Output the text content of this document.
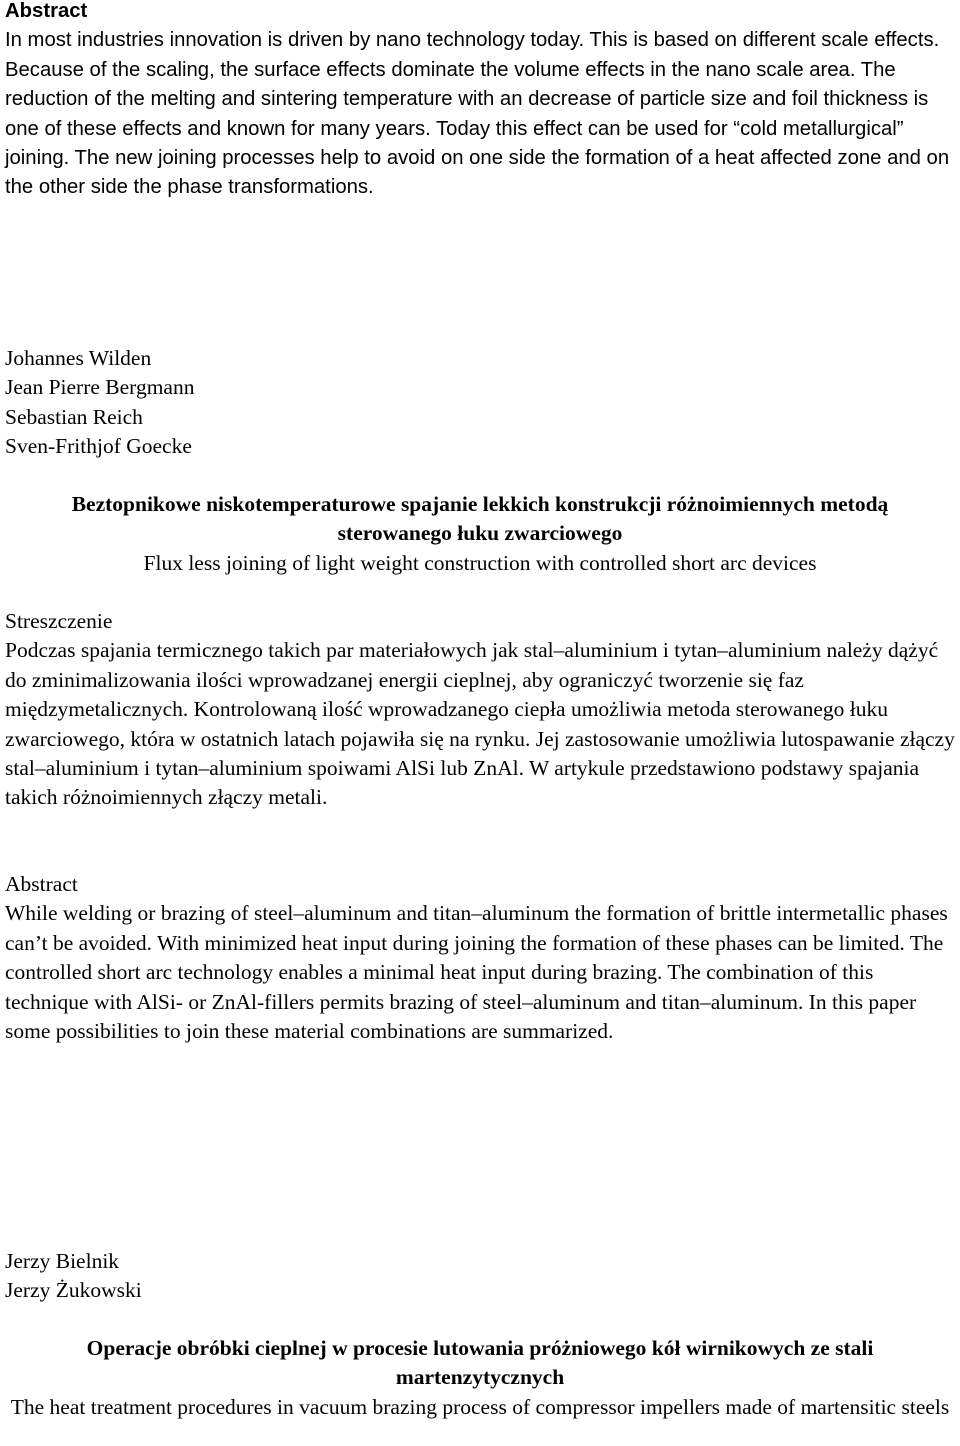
Abstract

In most industries innovation is driven by nano technology today. This is based on different scale effects. Because of the scaling, the surface effects dominate the volume effects in the nano scale area. The reduction of the melting and sintering temperature with an decrease of particle size and foil thickness is one of these effects and known for many years. Today this effect can be used for “cold metallurgical” joining. The new joining processes help to avoid on one side the formation of a heat affected zone and on the other side the phase transformations.

Johannes Wilden
Jean Pierre Bergmann
Sebastian Reich
Sven-Frithjof Goecke

Beztopnikowe niskotemperaturowe spajanie lekkich konstrukcji różnoimiennych metodą sterowanego łuku zwarciowego

Flux less joining of light weight construction with controlled short arc devices

Streszczenie

Podczas spajania termicznego takich par materiałowych jak stal–aluminium i tytan–aluminium należy dążyć do zminimalizowania ilości wprowadzanej energii cieplnej, aby ograniczyć tworzenie się faz międzymetalicznych. Kontrolowaną ilość wprowadzanego ciepła umożliwia metoda sterowanego łuku zwarciowego, która w ostatnich latach pojawiła się na rynku. Jej zastosowanie umożliwia lutospawanie złączy stal–aluminium i tytan–aluminium spoiwami AlSi lub ZnAl. W artykule przedstawiono podstawy spajania takich różnoimiennych złączy metali.

Abstract

While welding or brazing of steel–aluminum and titan–aluminum the formation of brittle intermetallic phases can’t be avoided. With minimized heat input during joining the formation of these phases can be limited. The controlled short arc technology enables a minimal heat input during brazing. The combination of this technique with AlSi- or ZnAl-fillers permits brazing of steel–aluminum and titan–aluminum. In this paper some possibilities to join these material combinations are summarized.

Jerzy Bielnik
Jerzy Żukowski

Operacje obróbki cieplnej w procesie lutowania próżniowego kół wirnikowych ze stali martenzytycznych

The heat treatment procedures in vacuum brazing process of compressor impellers made of martensitic steels
